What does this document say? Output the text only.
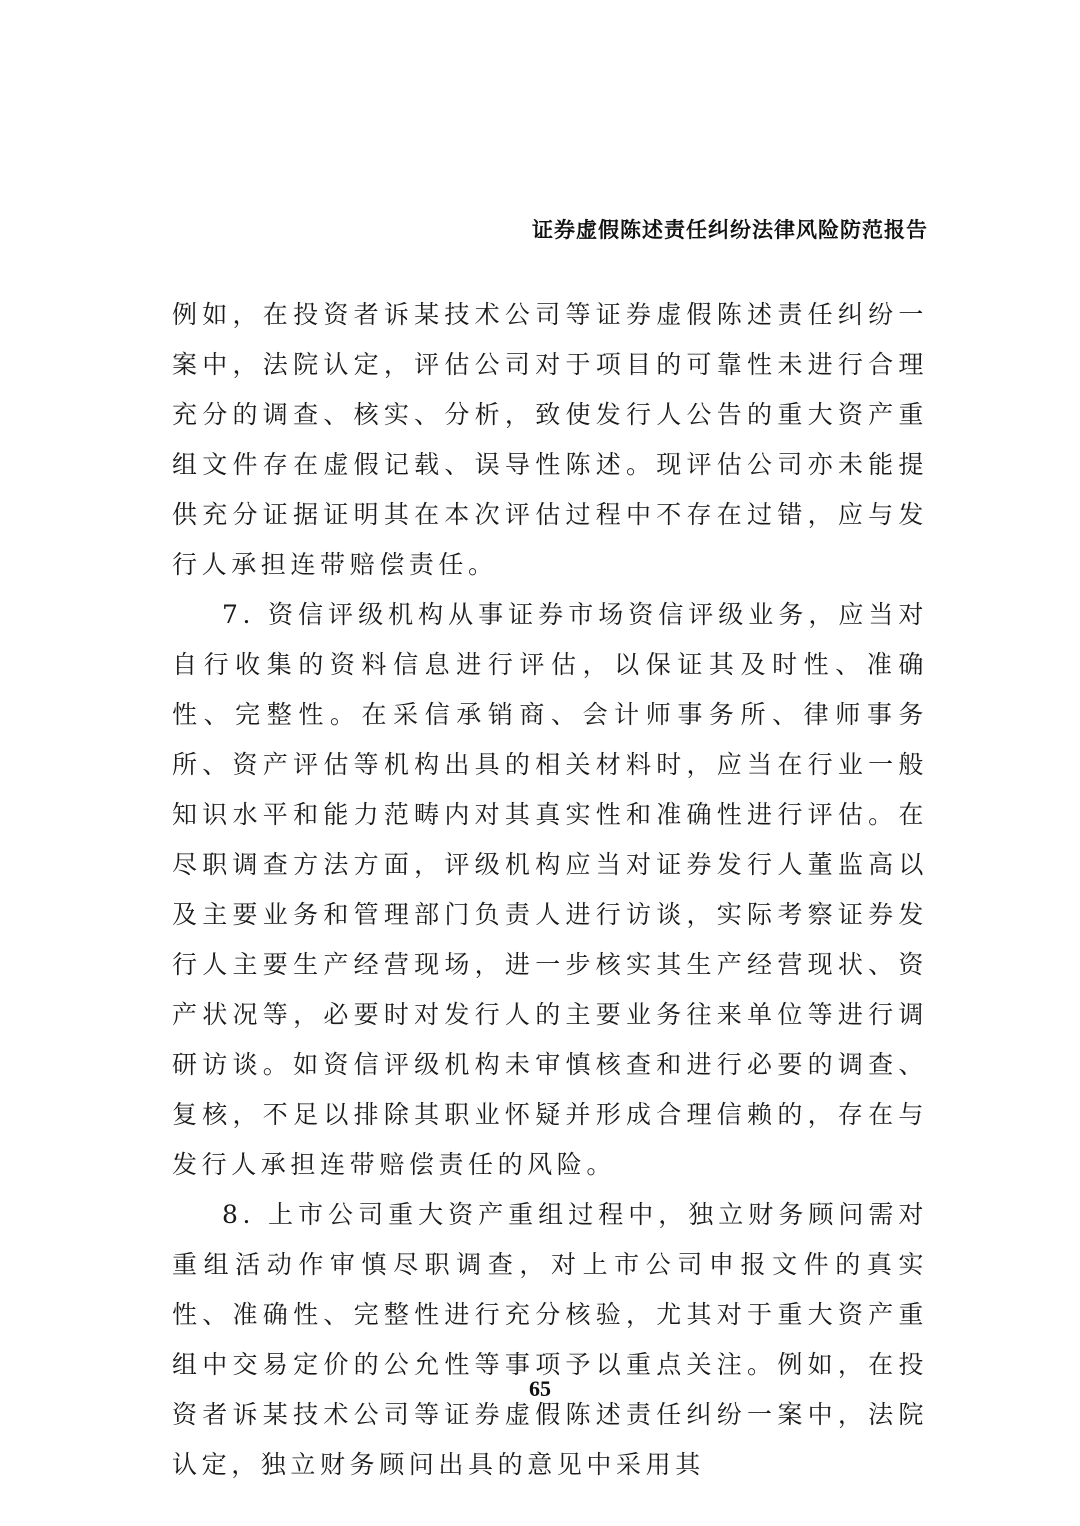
证券虚假陈述责任纠纷法律风险防范报告

例如，在投资者诉某技术公司等证券虚假陈述责任纠纷一案中，法院认定，评估公司对于项目的可靠性未进行合理充分的调查、核实、分析，致使发行人公告的重大资产重组文件存在虚假记载、误导性陈述。现评估公司亦未能提供充分证据证明其在本次评估过程中不存在过错，应与发行人承担连带赔偿责任。

7. 资信评级机构从事证券市场资信评级业务，应当对自行收集的资料信息进行评估，以保证其及时性、准确性、完整性。在采信承销商、会计师事务所、律师事务所、资产评估等机构出具的相关材料时，应当在行业一般知识水平和能力范畴内对其真实性和准确性进行评估。在尽职调查方法方面，评级机构应当对证券发行人董监高以及主要业务和管理部门负责人进行访谈，实际考察证券发行人主要生产经营现场，进一步核实其生产经营现状、资产状况等，必要时对发行人的主要业务往来单位等进行调研访谈。如资信评级机构未审慎核查和进行必要的调查、复核，不足以排除其职业怀疑并形成合理信赖的，存在与发行人承担连带赔偿责任的风险。

8. 上市公司重大资产重组过程中，独立财务顾问需对重组活动作审慎尽职调查，对上市公司申报文件的真实性、准确性、完整性进行充分核验，尤其对于重大资产重组中交易定价的公允性等事项予以重点关注。例如，在投资者诉某技术公司等证券虚假陈述责任纠纷一案中，法院认定，独立财务顾问出具的意见中采用其

65
